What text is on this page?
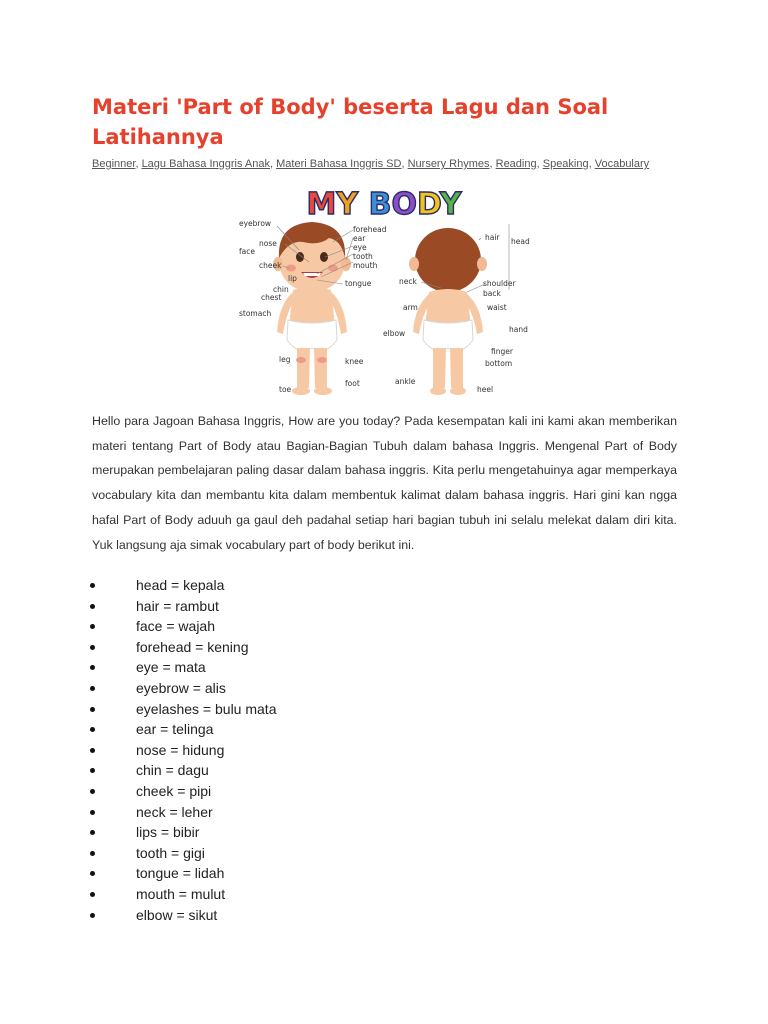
Materi 'Part of Body' beserta Lagu dan Soal Latihannya
Beginner, Lagu Bahasa Inggris Anak, Materi Bahasa Inggris SD, Nursery Rhymes, Reading, Speaking, Vocabulary
MY BODY
eyebrow
nose
face
cheek
lip
chin
chest
stomach
leg
toe
forehead
ear
eye
tooth
mouth
tongue
knee
foot
hair head
neck
arm
elbow
ankle
shoulder
back
waist
hand
finger
bottom
heel

Hello para Jagoan Bahasa Inggris, How are you today? Pada kesempatan kali ini kami akan memberikan materi tentang Part of Body atau Bagian-Bagian Tubuh dalam bahasa Inggris. Mengenal Part of Body merupakan pembelajaran paling dasar dalam bahasa inggris. Kita perlu mengetahuinya agar memperkaya vocabulary kita dan membantu kita dalam membentuk kalimat dalam bahasa inggris. Hari gini kan ngga hafal Part of Body aduuh ga gaul deh padahal setiap hari bagian tubuh ini selalu melekat dalam diri kita. Yuk langsung aja simak vocabulary part of body berikut ini.

head = kepala
hair = rambut
face = wajah
forehead = kening
eye = mata
eyebrow = alis
eyelashes = bulu mata
ear = telinga
nose = hidung
chin = dagu
cheek = pipi
neck = leher
lips = bibir
tooth = gigi
tongue = lidah
mouth = mulut
elbow = sikut
